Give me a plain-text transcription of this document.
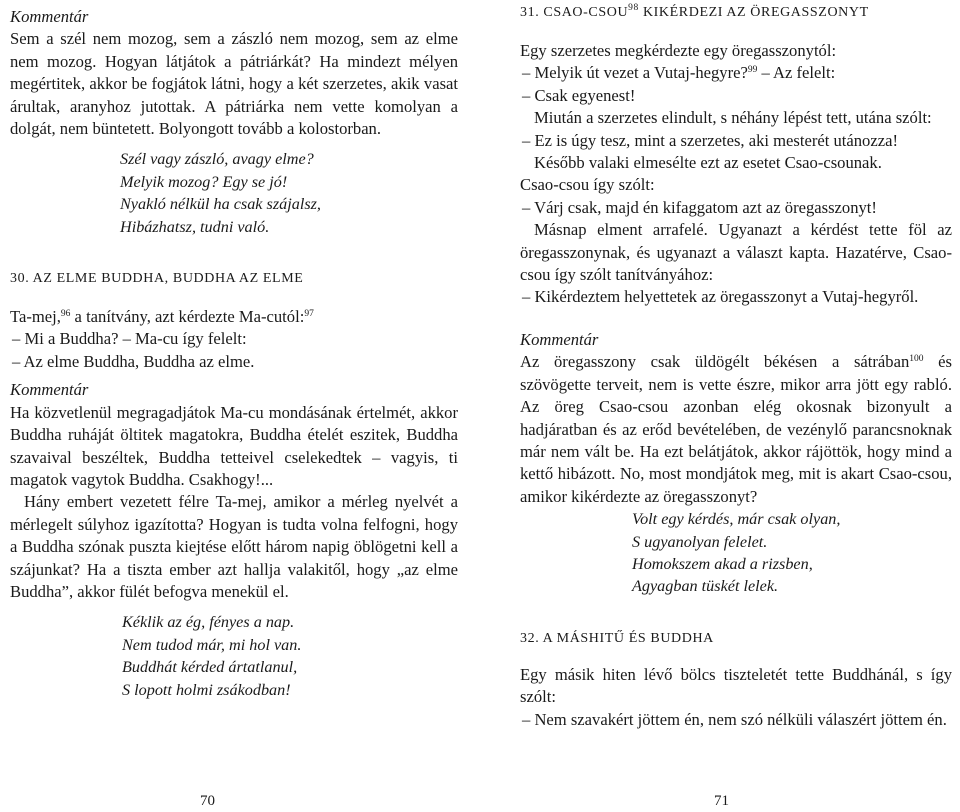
Kommentár

Sem a szél nem mozog, sem a zászló nem mozog, sem az elme nem mozog. Hogyan látjátok a pátriárkát? Ha mindezt mélyen megértitek, akkor be fogjátok látni, hogy a két szerzetes, akik vasat árultak, aranyhoz jutottak. A pátriárka nem vette komolyan a dolgát, nem büntetett. Bolyongott tovább a kolostorban.

Szél vagy zászló, avagy elme?
Melyik mozog? Egy se jó!
Nyakló nélkül ha csak szájalsz,
Hibázhatsz, tudni való.
30. AZ ELME BUDDHA, BUDDHA AZ ELME

Ta-mej,$^{96}$ a tanítvány, azt kérdezte Ma-cutól:$^{97}$

– Mi a Buddha? – Ma-cu így felelt:

– Az elme Buddha, Buddha az elme.

Kommentár

Ha közvetlenül megragadjátok Ma-cu mondásának értelmét, akkor Buddha ruháját öltitek magatokra, Buddha ételét eszitek, Buddha szavaival beszéltek, Buddha tetteivel cselekedtek – vagyis, ti magatok vagytok Buddha. Csakhogy!...

Hány embert vezetett félre Ta-mej, amikor a mérleg nyelvét a mérlegelt súlyhoz igazította? Hogyan is tudta volna felfogni, hogy a Buddha szónak puszta kiejtése előtt három napig öblögetni kell a szájunkat? Ha a tiszta ember azt hallja valakitől, hogy „az elme Buddha”, akkor fülét befogva menekül el.

Kéklik az ég, fényes a nap.
Nem tudod már, mi hol van.
Buddhát kérded ártatlanul,
S lopott holmi zsákodban!
70
31. CSAO-CSOU$^{98}$ KIKÉRDEZI AZ ÖREGASSZONYT

Egy szerzetes megkérdezte egy öregasszonytól:

– Melyik út vezet a Vutaj-hegyre?$^{99}$ – Az felelt:

– Csak egyenest!

Miután a szerzetes elindult, s néhány lépést tett, utána szólt:

– Ez is úgy tesz, mint a szerzetes, aki mesterét utánozza!

Később valaki elmesélte ezt az esetet Csao-csounak.

Csao-csou így szólt:

– Várj csak, majd én kifaggatom azt az öregasszonyt!

Másnap elment arrafelé. Ugyanazt a kérdést tette föl az öregasszonynak, és ugyanazt a választ kapta. Hazatérve, Csao-csou így szólt tanítványához:

– Kikérdeztem helyettetek az öregasszonyt a Vutaj-hegyről.

Kommentár

Az öregasszony csak üldögélt békésen a sátrában$^{100}$ és szövögette terveit, nem is vette észre, mikor arra jött egy rabló. Az öreg Csao-csou azonban elég okosnak bizonyult a hadjáratban és az erőd bevételében, de vezénylő parancsnoknak már nem vált be. Ha ezt belátjátok, akkor rájöttök, hogy mind a kettő hibázott. No, most mondjátok meg, mit is akart Csao-csou, amikor kikérdezte az öregasszonyt?

Volt egy kérdés, már csak olyan,
S ugyanolyan felelet.
Homokszem akad a rizsben,
Agyagban tüskét lelek.
32. A MÁSHITŰ ÉS BUDDHA

Egy másik hiten lévő bölcs tiszteletét tette Buddhánál, s így szólt:

– Nem szavakért jöttem én, nem szó nélküli válaszért jöttem én.

71
